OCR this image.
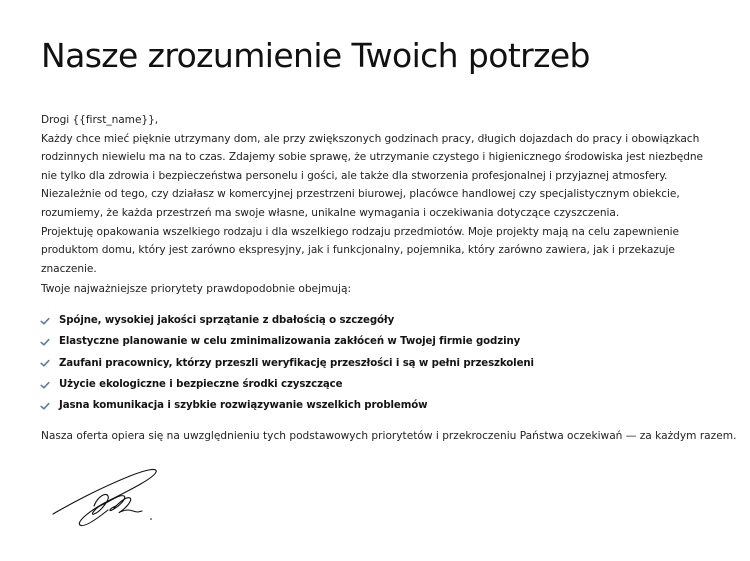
Nasze zrozumienie Twoich potrzeb

Drogi {{first_name}},

Każdy chce mieć pięknie utrzymany dom, ale przy zwiększonych godzinach pracy, długich dojazdach do pracy i obowiązkach rodzinnych niewielu ma na to czas. Zdajemy sobie sprawę, że utrzymanie czystego i higienicznego środowiska jest niezbędne nie tylko dla zdrowia i bezpieczeństwa personelu i gości, ale także dla stworzenia profesjonalnej i przyjaznej atmosfery. Niezależnie od tego, czy działasz w komercyjnej przestrzeni biurowej, placówce handlowej czy specjalistycznym obiekcie, rozumiemy, że każda przestrzeń ma swoje własne, unikalne wymagania i oczekiwania dotyczące czyszczenia.

Projektuję opakowania wszelkiego rodzaju i dla wszelkiego rodzaju przedmiotów. Moje projekty mają na celu zapewnienie produktom domu, który jest zarówno ekspresyjny, jak i funkcjonalny, pojemnika, który zarówno zawiera, jak i przekazuje znaczenie.

Twoje najważniejsze priorytety prawdopodobnie obejmują:
Spójne, wysokiej jakości sprzątanie z dbałością o szczegóły
Elastyczne planowanie w celu zminimalizowania zakłóceń w Twojej firmie godziny
Zaufani pracownicy, którzy przeszli weryfikację przeszłości i są w pełni przeszkoleni
Użycie ekologiczne i bezpieczne środki czyszczące
Jasna komunikacja i szybkie rozwiązywanie wszelkich problemów
Nasza oferta opiera się na uwzględnieniu tych podstawowych priorytetów i przekroczeniu Państwa oczekiwań — za każdym razem.
